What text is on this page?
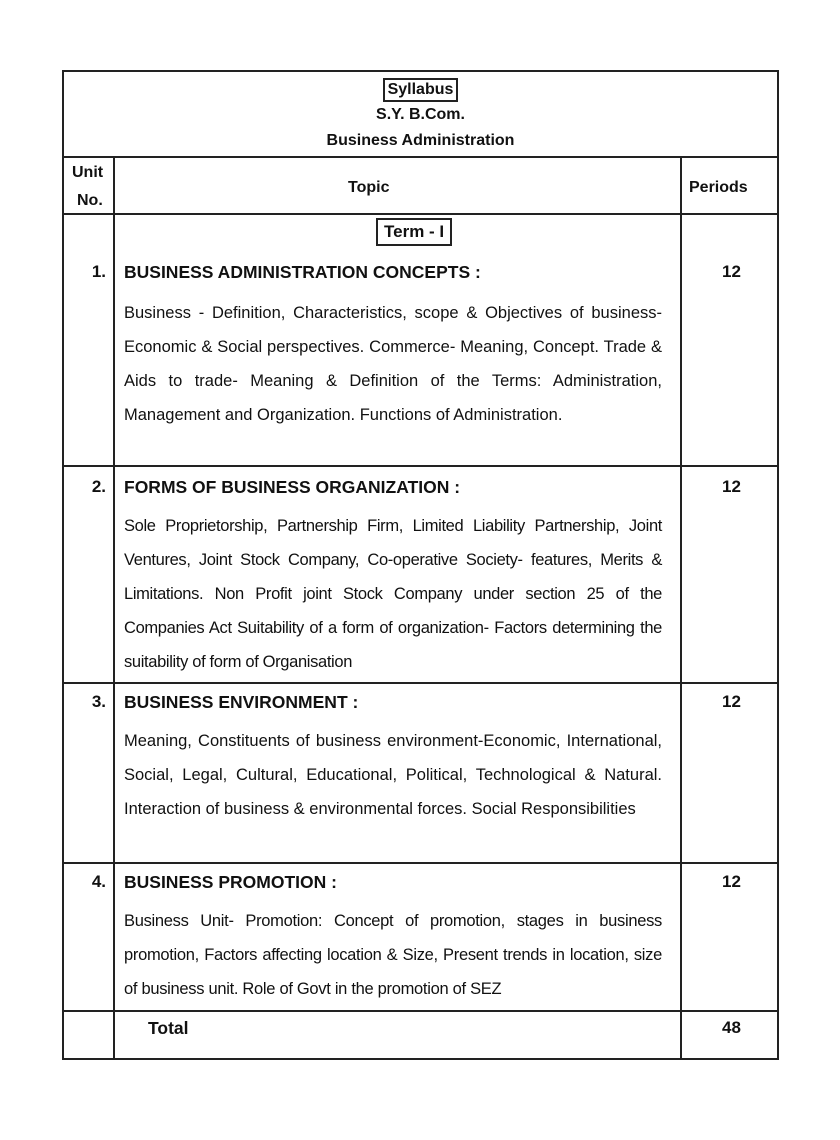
Syllabus
S.Y. B.Com.
Business Administration
Unit
No.
Topic	Periods
Term - I
1. BUSINESS ADMINISTRATION CONCEPTS :	12
Business - Definition, Characteristics, scope & Objectives of business- Economic & Social perspectives. Commerce- Meaning, Concept. Trade & Aids to trade- Meaning & Definition of the Terms: Administration, Management and Organization. Functions of Administration.
2. FORMS OF BUSINESS ORGANIZATION :	12
Sole Proprietorship, Partnership Firm, Limited Liability Partnership, Joint Ventures, Joint Stock Company, Co-operative Society- features, Merits & Limitations. Non Profit joint Stock Company under section 25 of the Companies Act Suitability of a form of organization- Factors determining the suitability of form of Organisation
3. BUSINESS ENVIRONMENT :	12
Meaning, Constituents of business environment-Economic, International, Social, Legal, Cultural, Educational, Political, Technological & Natural. Interaction of business & environmental forces. Social Responsibilities
4. BUSINESS PROMOTION :	12
Business Unit- Promotion: Concept of promotion, stages in business promotion, Factors affecting location & Size, Present trends in location, size of business unit. Role of Govt in the promotion of SEZ
Total	48
